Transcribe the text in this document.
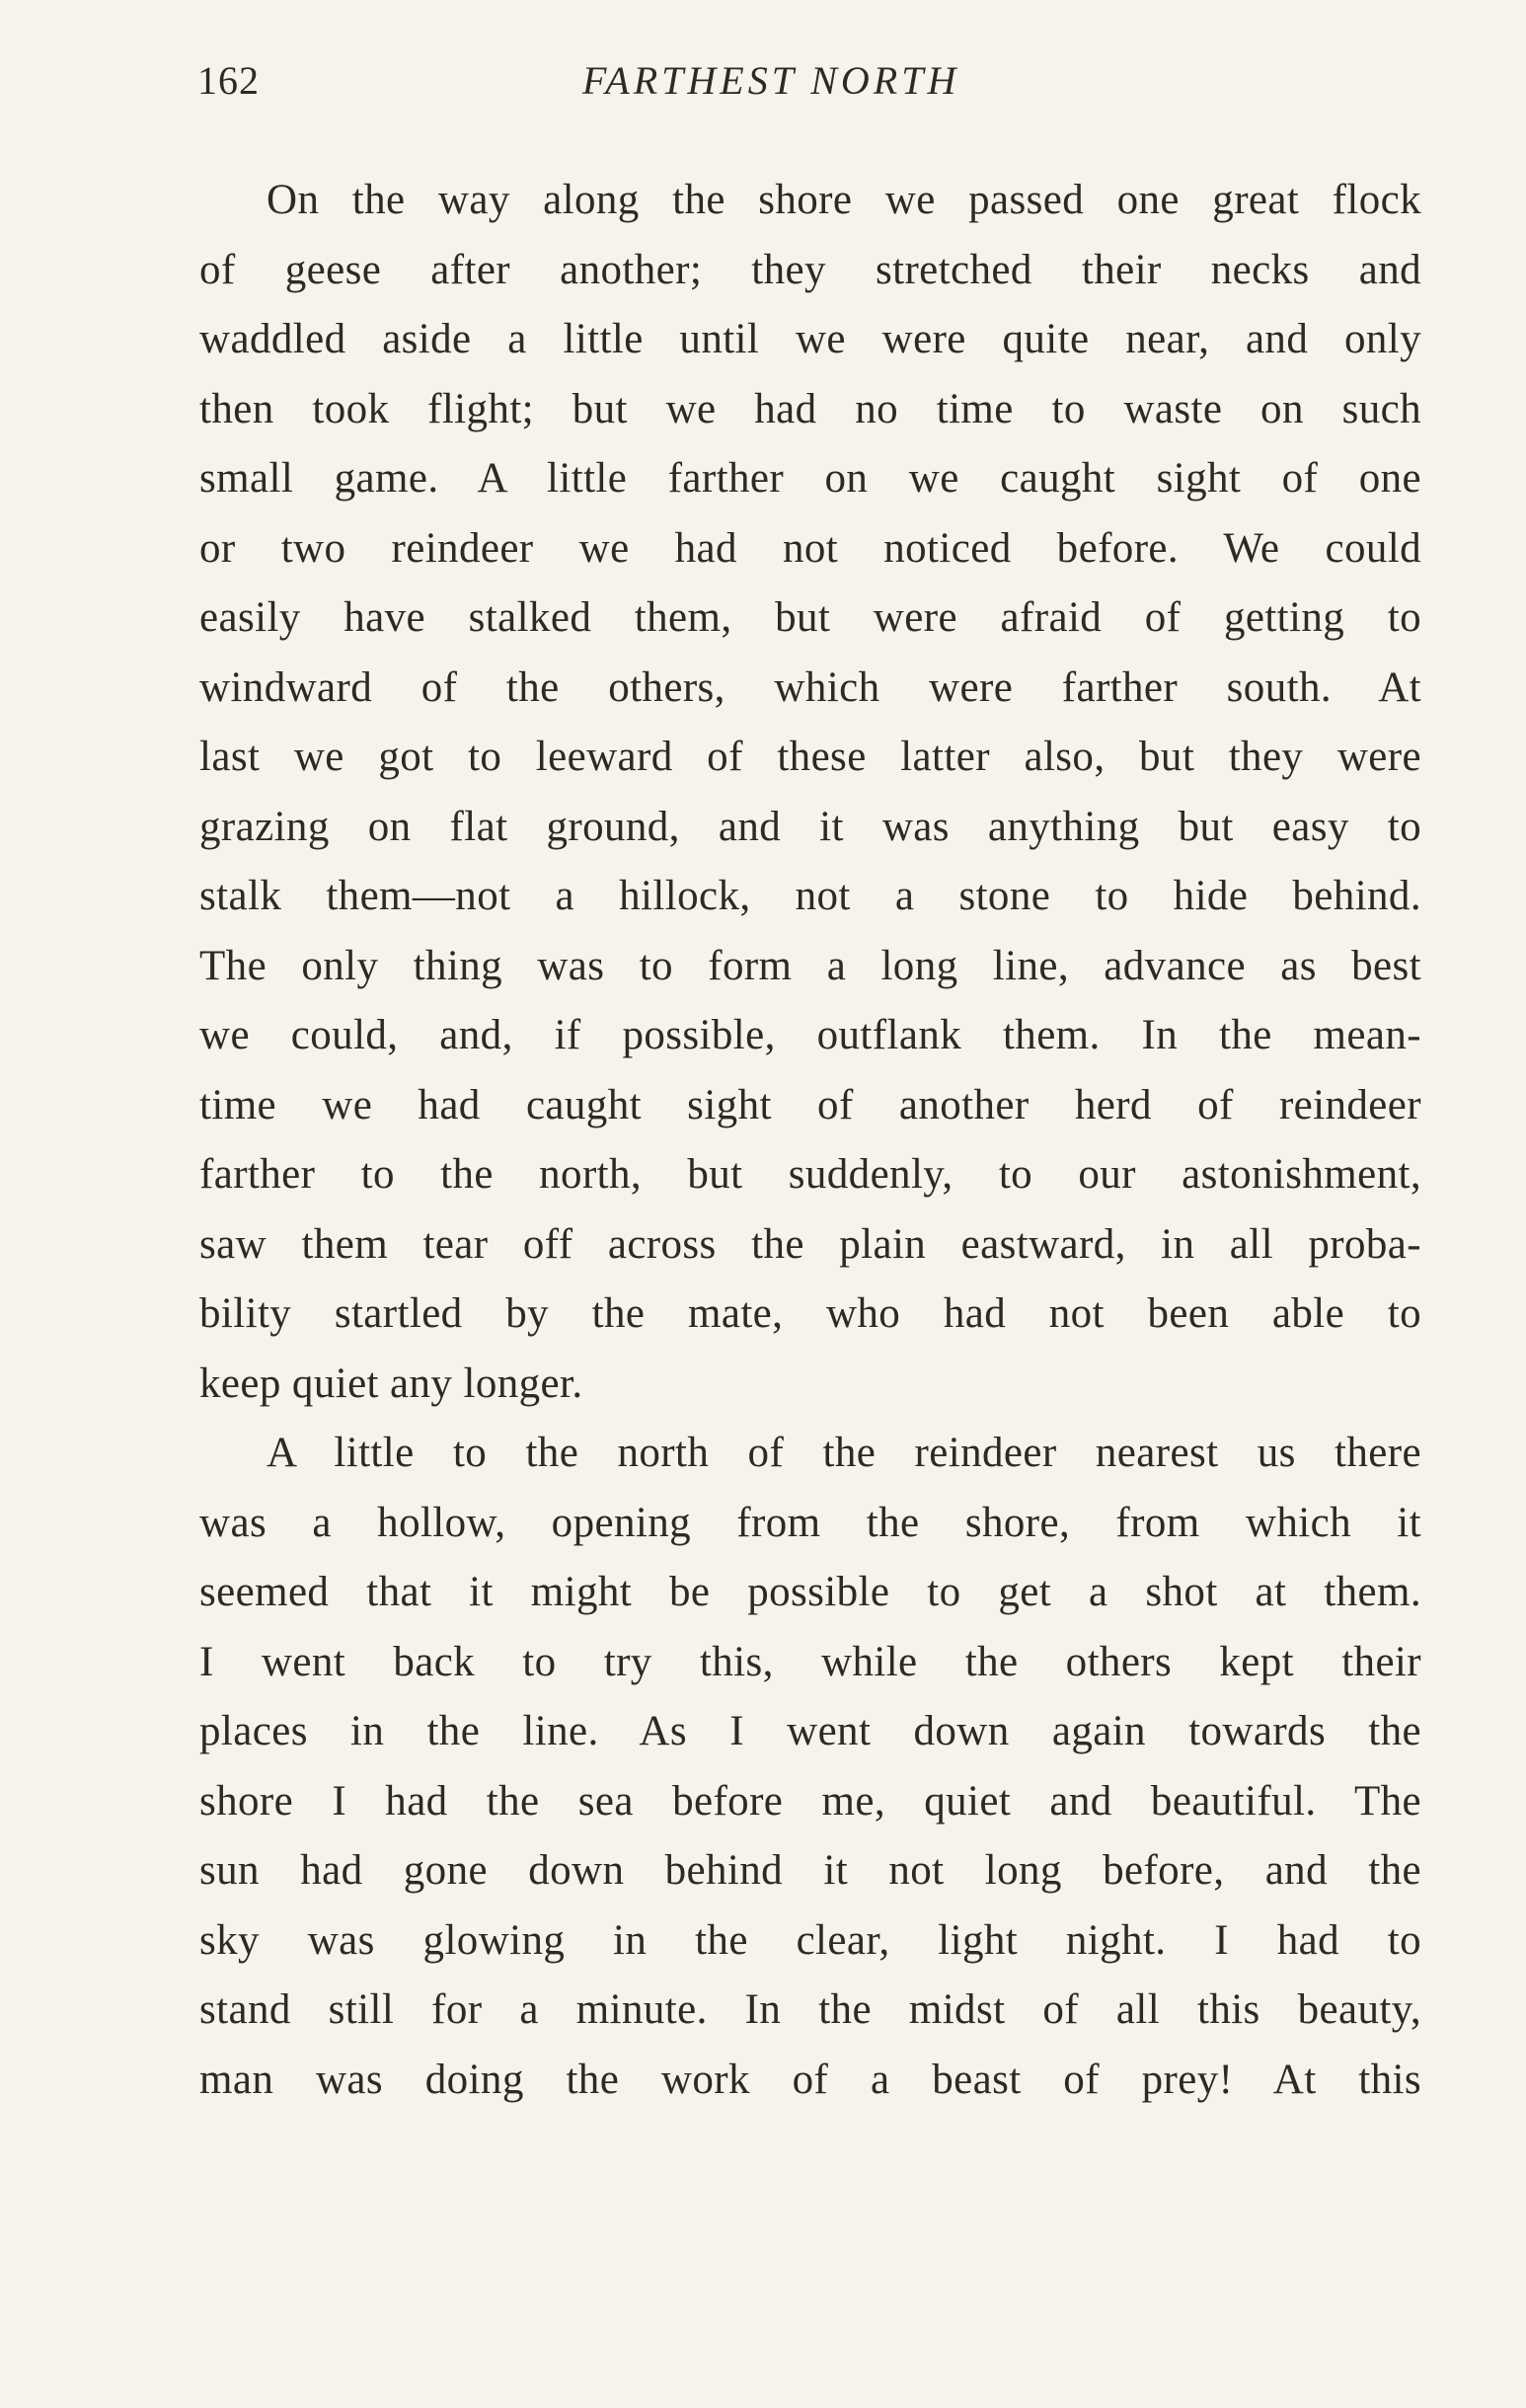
162	FARTHEST NORTH
On the way along the shore we passed one great flock
of geese after another; they stretched their necks and
waddled aside a little until we were quite near, and only
then took flight; but we had no time to waste on such
small game. A little farther on we caught sight of one
or two reindeer we had not noticed before. We could
easily have stalked them, but were afraid of getting to
windward of the others, which were farther south. At
last we got to leeward of these latter also, but they were
grazing on flat ground, and it was anything but easy to
stalk them—not a hillock, not a stone to hide behind.
The only thing was to form a long line, advance as best
we could, and, if possible, outflank them. In the mean-
time we had caught sight of another herd of reindeer
farther to the north, but suddenly, to our astonishment,
saw them tear off across the plain eastward, in all proba-
bility startled by the mate, who had not been able to
keep quiet any longer.
A little to the north of the reindeer nearest us there
was a hollow, opening from the shore, from which it
seemed that it might be possible to get a shot at them.
I went back to try this, while the others kept their
places in the line. As I went down again towards the
shore I had the sea before me, quiet and beautiful. The
sun had gone down behind it not long before, and the
sky was glowing in the clear, light night. I had to
stand still for a minute. In the midst of all this beauty,
man was doing the work of a beast of prey! At this
